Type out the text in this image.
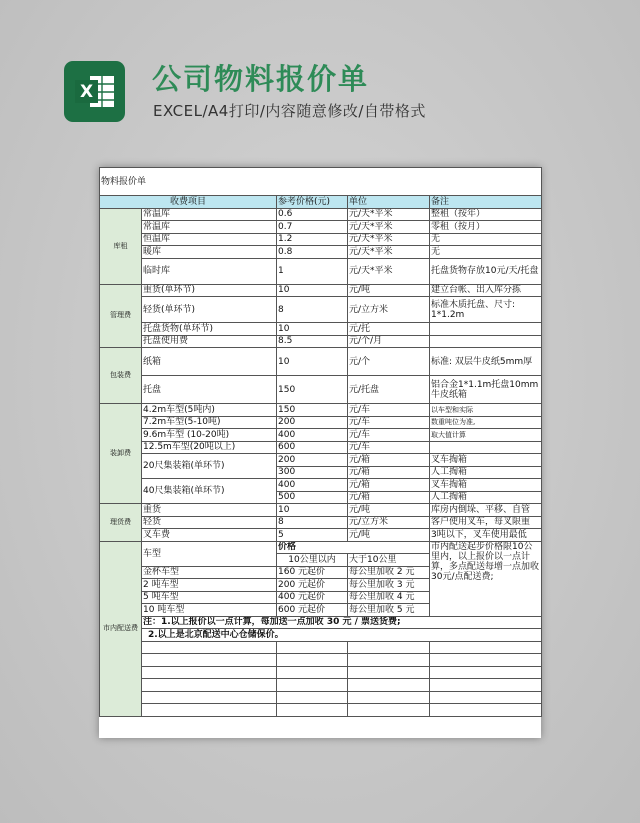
X 公司物料报价单
EXCEL/A4打印/内容随意修改/自带格式
物料报价单				
收费项目		参考价格(元)	单位	备注
库租	常温库	0.6	元/天*平米	整租（按年）
	常温库	0.7	元/天*平米	零租（按月）
	恒温库	1.2	元/天*平米	无
	暖库	0.8	元/天*平米	无
	临时库	1	元/天*平米	托盘货物存放10元/天/托盘
管理费	重货(单环节)	10	元/吨	建立台帐、出入库分拣
	轻货(单环节)	8	元/立方米	标准木质托盘、尺寸: 1*1.2m
	托盘货物(单环节)	10	元/托	
	托盘使用费	8.5	元/个/月	
包装费	纸箱	10	元/个	标准: 双层牛皮纸5mm厚
	托盘	150	元/托盘	铝合金1*1.1m托盘10mm牛皮纸箱
装卸费	4.2m车型(5吨内)	150	元/车	以车型和实际
	7.2m车型(5-10吨)	200	元/车	数重吨位为准,
	9.6m车型 (10-20吨)	400	元/车	取大值计算
	12.5m车型(20吨以上)	600	元/车	
	20尺集装箱(单环节)	200	元/箱	叉车掏箱
		300	元/箱	人工掏箱
	40尺集装箱(单环节)	400	元/箱	叉车掏箱
		500	元/箱	人工掏箱
理货费	重货	10	元/吨	库房内倒垛、平移、自管
	轻货	8	元/立方米	客户使用叉车，每叉限重
	叉车费	5	元/吨	3吨以下，叉车使用最低
市内配送费	车型	价格		市内配送起步价格限10公里内，以上报价以一点计算，多点配送每增一点加收30元/点配送费;
		10公里以内	大于10公里	
	金杯车型	160 元起价	每公里加收 2 元	
	2 吨车型	200 元起价	每公里加收 3 元	
	5 吨车型	400 元起价	每公里加收 4 元	
	10 吨车型	600 元起价	每公里加收 5 元	
	注：1.以上报价以一点计算，每加送一点加收 30 元 / 票送货费;			
	2.以上是北京配送中心仓储保价。			
